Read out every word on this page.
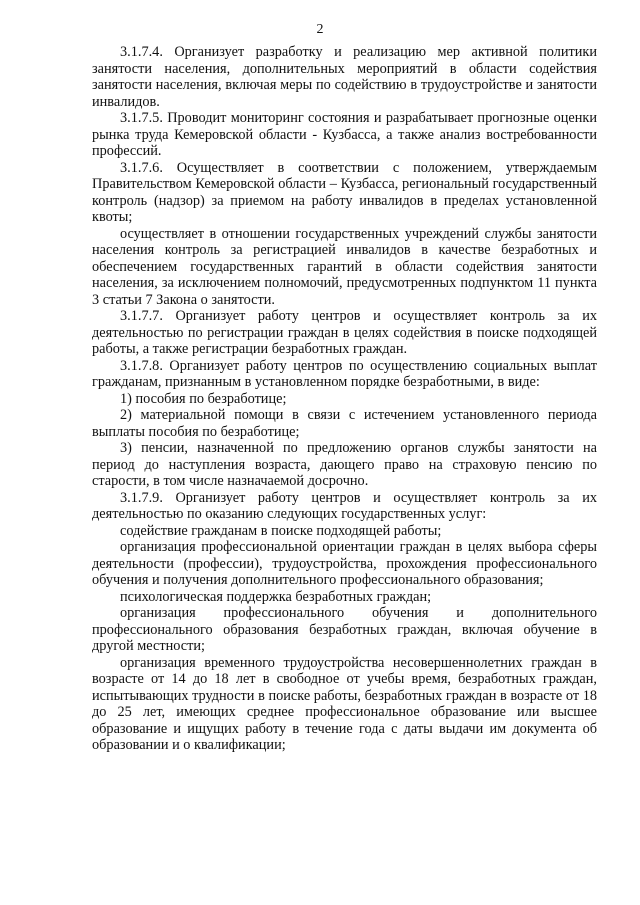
2

3.1.7.4. Организует разработку и реализацию мер активной политики занятости населения, дополнительных мероприятий в области содействия занятости населения, включая меры по содействию в трудоустройстве и занятости инвалидов.

3.1.7.5. Проводит мониторинг состояния и разрабатывает прогнозные оценки рынка труда Кемеровской области - Кузбасса, а также анализ востребованности профессий.

3.1.7.6. Осуществляет в соответствии с положением, утверждаемым Правительством Кемеровской области – Кузбасса, региональный государственный контроль (надзор) за приемом на работу инвалидов в пределах установленной квоты;

осуществляет в отношении государственных учреждений службы занятости населения контроль за регистрацией инвалидов в качестве безработных и обеспечением государственных гарантий в области содействия занятости населения, за исключением полномочий, предусмотренных подпунктом 11 пункта 3 статьи 7 Закона о занятости.

3.1.7.7. Организует работу центров и осуществляет контроль за их деятельностью по регистрации граждан в целях содействия в поиске подходящей работы, а также регистрации безработных граждан.

3.1.7.8. Организует работу центров по осуществлению социальных выплат гражданам, признанным в установленном порядке безработными, в виде:

1) пособия по безработице;

2) материальной помощи в связи с истечением установленного периода выплаты пособия по безработице;

3) пенсии, назначенной по предложению органов службы занятости на период до наступления возраста, дающего право на страховую пенсию по старости, в том числе назначаемой досрочно.

3.1.7.9. Организует работу центров и осуществляет контроль за их деятельностью по оказанию следующих государственных услуг:

содействие гражданам в поиске подходящей работы;

организация профессиональной ориентации граждан в целях выбора сферы деятельности (профессии), трудоустройства, прохождения профессионального обучения и получения дополнительного профессионального образования;

психологическая поддержка безработных граждан;

организация профессионального обучения и дополнительного профессионального образования безработных граждан, включая обучение в другой местности;

организация временного трудоустройства несовершеннолетних граждан в возрасте от 14 до 18 лет в свободное от учебы время, безработных граждан, испытывающих трудности в поиске работы, безработных граждан в возрасте от 18 до 25 лет, имеющих среднее профессиональное образование или высшее образование и ищущих работу в течение года с даты выдачи им документа об образовании и о квалификации;
